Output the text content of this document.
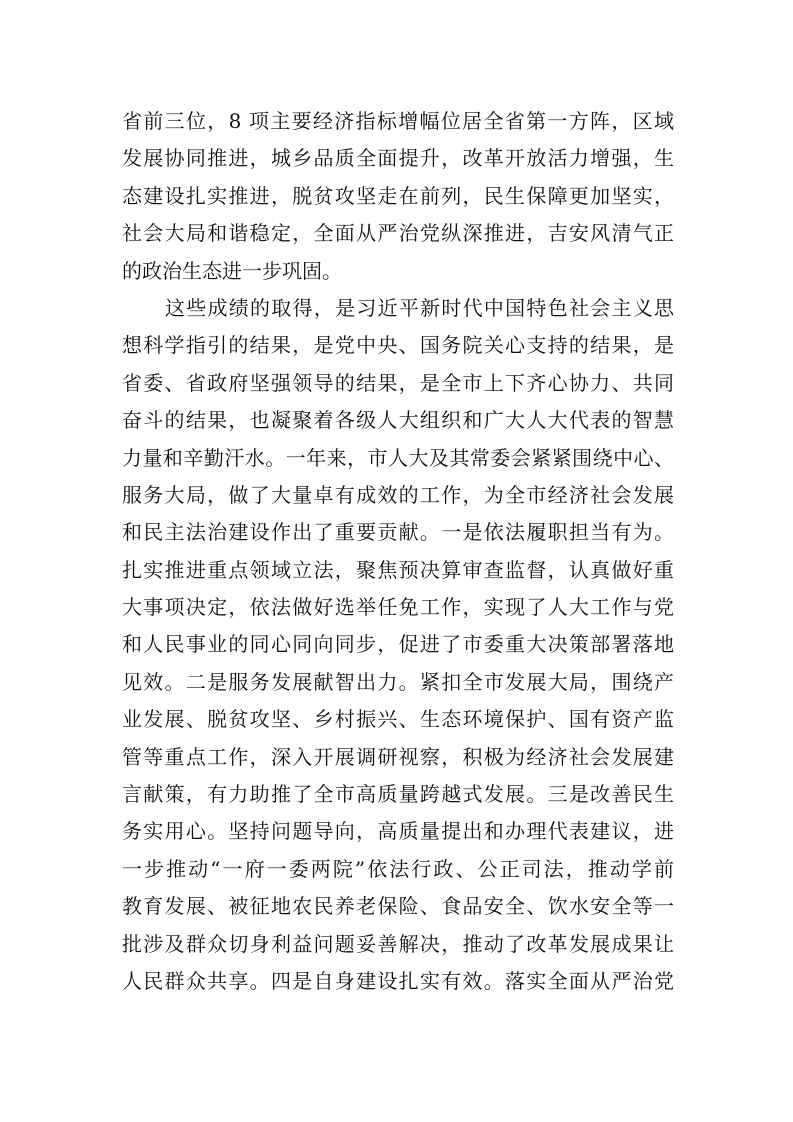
省前三位，8 项主要经济指标增幅位居全省第一方阵，区域
发展协同推进，城乡品质全面提升，改革开放活力增强，生
态建设扎实推进，脱贫攻坚走在前列，民生保障更加坚实，
社会大局和谐稳定，全面从严治党纵深推进，吉安风清气正
的政治生态进一步巩固。
这些成绩的取得，是习近平新时代中国特色社会主义思
想科学指引的结果，是党中央、国务院关心支持的结果，是
省委、省政府坚强领导的结果，是全市上下齐心协力、共同
奋斗的结果，也凝聚着各级人大组织和广大人大代表的智慧
力量和辛勤汗水。一年来，市人大及其常委会紧紧围绕中心、
服务大局，做了大量卓有成效的工作，为全市经济社会发展
和民主法治建设作出了重要贡献。一是依法履职担当有为。
扎实推进重点领域立法，聚焦预决算审查监督，认真做好重
大事项决定，依法做好选举任免工作，实现了人大工作与党
和人民事业的同心同向同步，促进了市委重大决策部署落地
见效。二是服务发展献智出力。紧扣全市发展大局，围绕产
业发展、脱贫攻坚、乡村振兴、生态环境保护、国有资产监
管等重点工作，深入开展调研视察，积极为经济社会发展建
言献策，有力助推了全市高质量跨越式发展。三是改善民生
务实用心。坚持问题导向，高质量提出和办理代表建议，进
一步推动“一府一委两院”依法行政、公正司法，推动学前
教育发展、被征地农民养老保险、食品安全、饮水安全等一
批涉及群众切身利益问题妥善解决，推动了改革发展成果让
人民群众共享。四是自身建设扎实有效。落实全面从严治党
